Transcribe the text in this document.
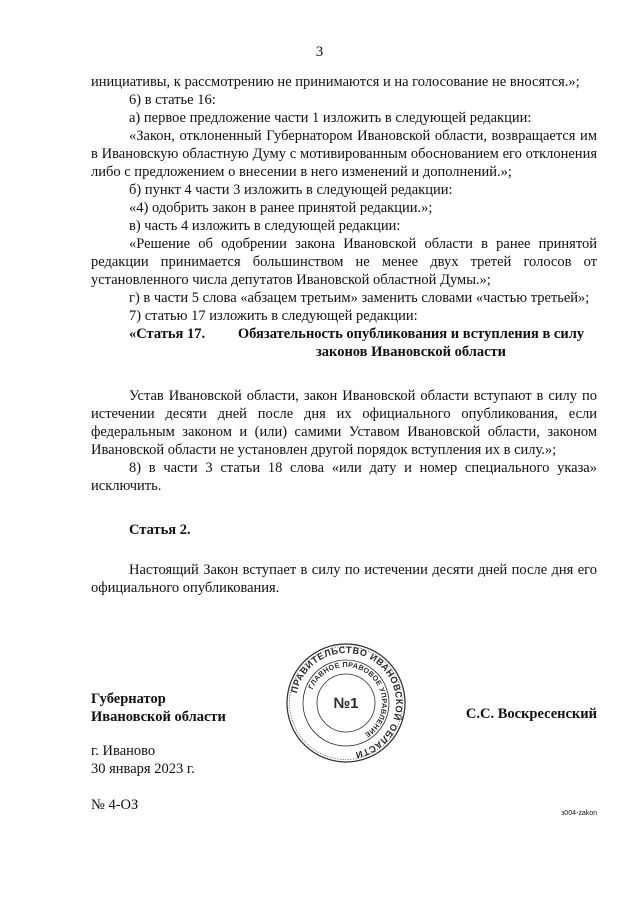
3

инициативы, к рассмотрению не принимаются и на голосование не вносятся.»;

6) в статье 16:

а) первое предложение части 1 изложить в следующей редакции:

«Закон, отклоненный Губернатором Ивановской области, возвращается им в Ивановскую областную Думу с мотивированным обоснованием его отклонения либо с предложением о внесении в него изменений и дополнений.»;

б) пункт 4 части 3 изложить в следующей редакции:

«4) одобрить закон в ранее принятой редакции.»;

в) часть 4 изложить в следующей редакции:

«Решение об одобрении закона Ивановской области в ранее принятой редакции принимается большинством не менее двух третей голосов от установленного числа депутатов Ивановской областной Думы.»;

г) в части 5 слова «абзацем третьим» заменить словами «частью третьей»;

7) статью 17 изложить в следующей редакции:

«Статья 17.	Обязательность опубликования и вступления в силу законов Ивановской области

Устав Ивановской области, закон Ивановской области вступают в силу по истечении десяти дней после дня их официального опубликования, если федеральным законом и (или) самими Уставом Ивановской области, законом Ивановской области не установлен другой порядок вступления их в силу.»;

8) в части 3 статьи 18 слова «или дату и номер специального указа» исключить.

Статья 2.

Настоящий Закон вступает в силу по истечении десяти дней после дня его официального опубликования.

Губернатор
Ивановской области	С.С. Воскресенский
ПРАВИТЕЛЬСТВО ИВАНОВСКОЙ ОБЛАСТИ
ГЛАВНОЕ ПРАВОВОЕ УПРАВЛЕНИЕ
№1
г. Иваново
30 января 2023 г.
№ 4-ОЗ
з004-zakon
